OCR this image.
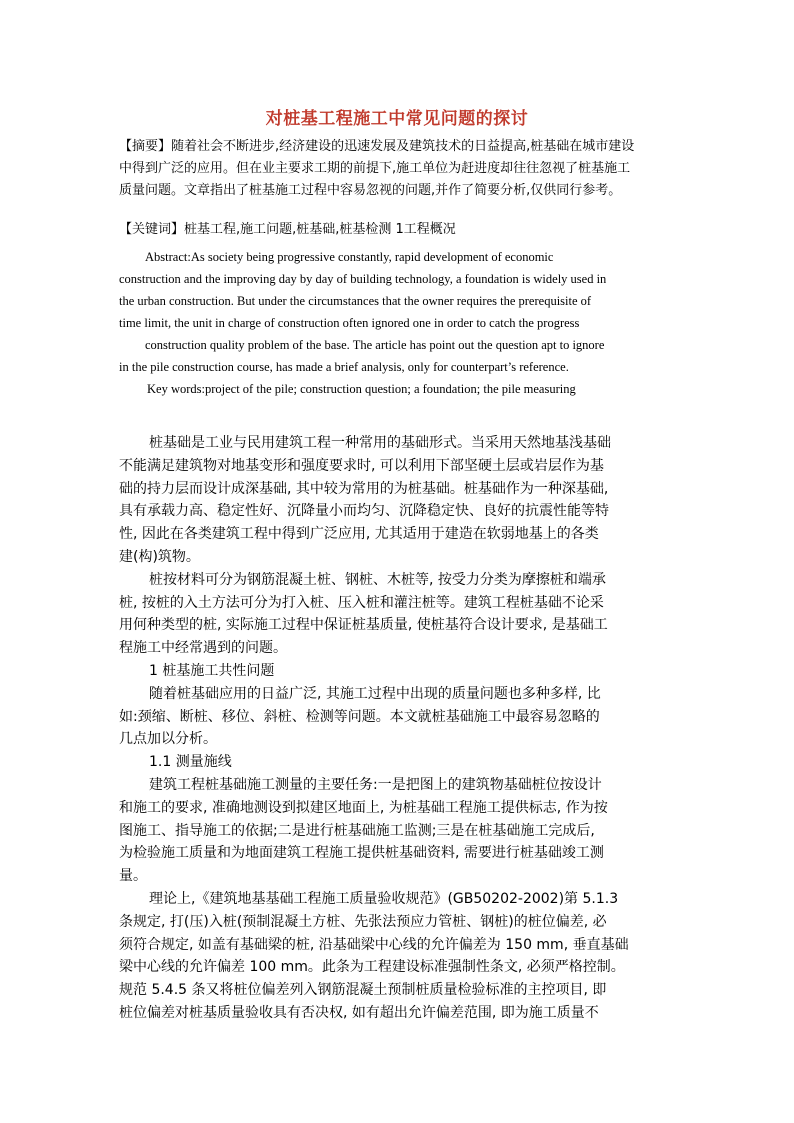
对桩基工程施工中常见问题的探讨
【摘要】随着社会不断进步,经济建设的迅速发展及建筑技术的日益提高,桩基础在城市建设
中得到广泛的应用。但在业主要求工期的前提下,施工单位为赶进度却往往忽视了桩基施工
质量问题。文章指出了桩基施工过程中容易忽视的问题,并作了简要分析,仅供同行参考。
【关键词】桩基工程,施工问题,桩基础,桩基检测 1工程概况
Abstract:As society being progressive constantly, rapid development of economic
construction and the improving day by day of building technology, a foundation is widely used in
the urban construction. But under the circumstances that the owner requires the prerequisite of
time limit, the unit in charge of construction often ignored one in order to catch the progress
construction quality problem of the base. The article has point out the question apt to ignore
in the pile construction course, has made a brief analysis, only for counterpart’s reference.
Key words:project of the pile; construction question; a foundation; the pile measuring
桩基础是工业与民用建筑工程一种常用的基础形式。当采用天然地基浅基础
不能满足建筑物对地基变形和强度要求时, 可以利用下部坚硬土层或岩层作为基
础的持力层而设计成深基础, 其中较为常用的为桩基础。桩基础作为一种深基础,
具有承载力高、稳定性好、沉降量小而均匀、沉降稳定快、良好的抗震性能等特
性, 因此在各类建筑工程中得到广泛应用, 尤其适用于建造在软弱地基上的各类
建(构)筑物。
桩按材料可分为钢筋混凝土桩、钢桩、木桩等, 按受力分类为摩擦桩和端承
桩, 按桩的入土方法可分为打入桩、压入桩和灌注桩等。建筑工程桩基础不论采
用何种类型的桩, 实际施工过程中保证桩基质量, 使桩基符合设计要求, 是基础工
程施工中经常遇到的问题。
1 桩基施工共性问题
随着桩基础应用的日益广泛, 其施工过程中出现的质量问题也多种多样, 比
如:颈缩、断桩、移位、斜桩、检测等问题。本文就桩基础施工中最容易忽略的
几点加以分析。
1.1 测量施线
建筑工程桩基础施工测量的主要任务:一是把图上的建筑物基础桩位按设计
和施工的要求, 准确地测设到拟建区地面上, 为桩基础工程施工提供标志, 作为按
图施工、指导施工的依据;二是进行桩基础施工监测;三是在桩基础施工完成后,
为检验施工质量和为地面建筑工程施工提供桩基础资料, 需要进行桩基础竣工测
量。
理论上,《建筑地基基础工程施工质量验收规范》(GB50202-2002)第 5.1.3
条规定, 打(压)入桩(预制混凝土方桩、先张法预应力管桩、钢桩)的桩位偏差, 必
须符合规定, 如盖有基础梁的桩, 沿基础梁中心线的允许偏差为 150 mm, 垂直基础
梁中心线的允许偏差 100 mm。此条为工程建设标准强制性条文, 必须严格控制。
规范 5.4.5 条又将桩位偏差列入钢筋混凝土预制桩质量检验标准的主控项目, 即
桩位偏差对桩基质量验收具有否决权, 如有超出允许偏差范围, 即为施工质量不
